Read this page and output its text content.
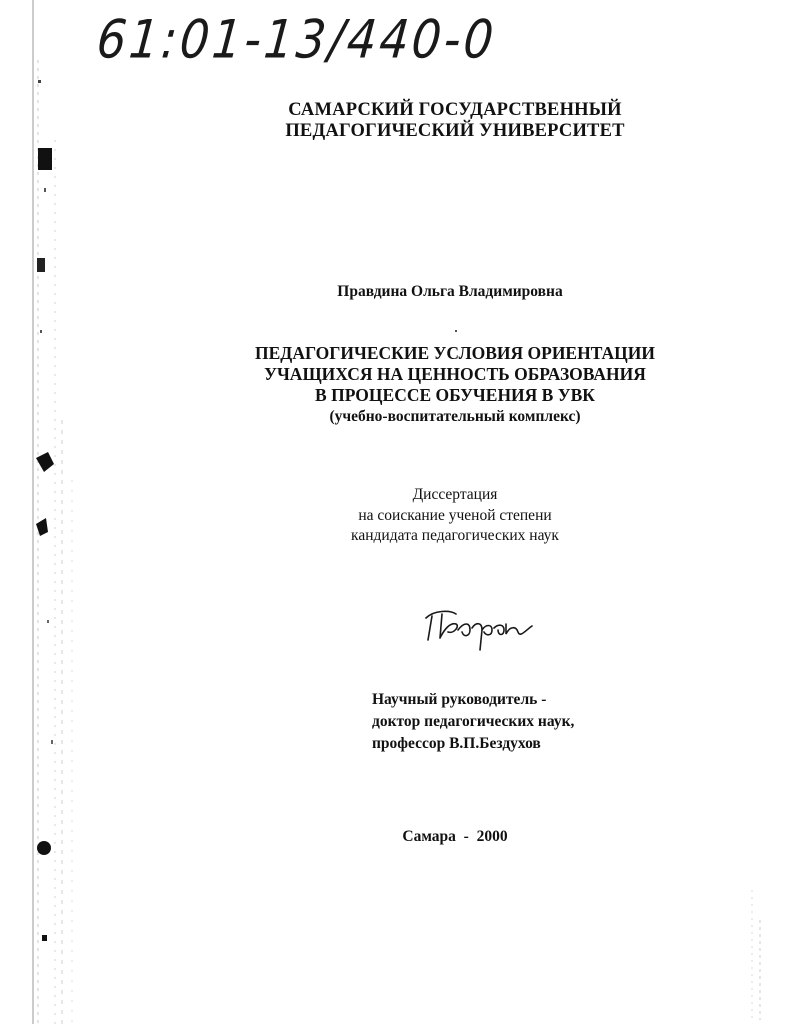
61:01-13/440-0
САМАРСКИЙ ГОСУДАРСТВЕННЫЙ
ПЕДАГОГИЧЕСКИЙ УНИВЕРСИТЕТ
Правдина Ольга Владимировна
ПЕДАГОГИЧЕСКИЕ УСЛОВИЯ ОРИЕНТАЦИИ
УЧАЩИХСЯ НА ЦЕННОСТЬ ОБРАЗОВАНИЯ
В ПРОЦЕССЕ ОБУЧЕНИЯ В УВК
(учебно-воспитательный комплекс)
Диссертация
на соискание ученой степени
кандидата педагогических наук
Научный руководитель -
доктор педагогических наук,
профессор В.П.Бездухов
Самара  -  2000
